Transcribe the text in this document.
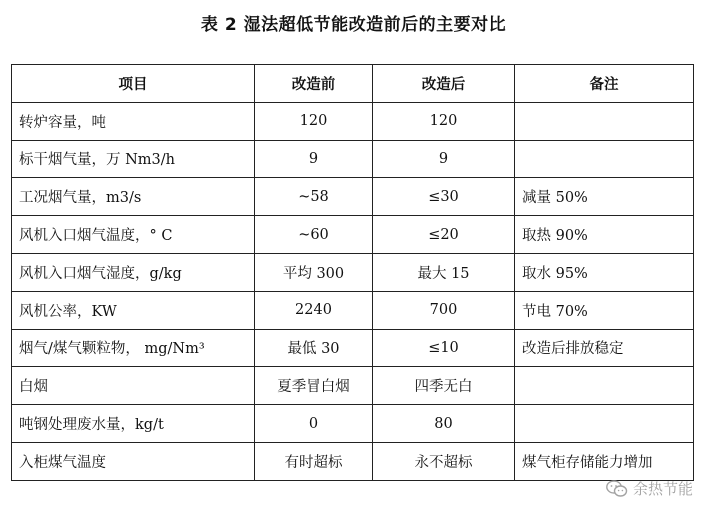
表 2 湿法超低节能改造前后的主要对比
项目	改造前	改造后	备注
转炉容量，吨	120	120	
标干烟气量，万 Nm3/h	9	9	
工况烟气量，m3/s	~58	≤30	减量 50%
风机入口烟气温度，° C	~60	≤20	取热 90%
风机入口烟气湿度，g/kg	平均 300	最大 15	取水 95%
风机公率，KW	2240	700	节电 70%
烟气/煤气颗粒物， mg/Nm³	最低 30	≤10	改造后排放稳定
白烟	夏季冒白烟	四季无白	
吨钢处理废水量，kg/t	0	80	
入柜煤气温度	有时超标	永不超标	煤气柜存储能力增加
余热节能
